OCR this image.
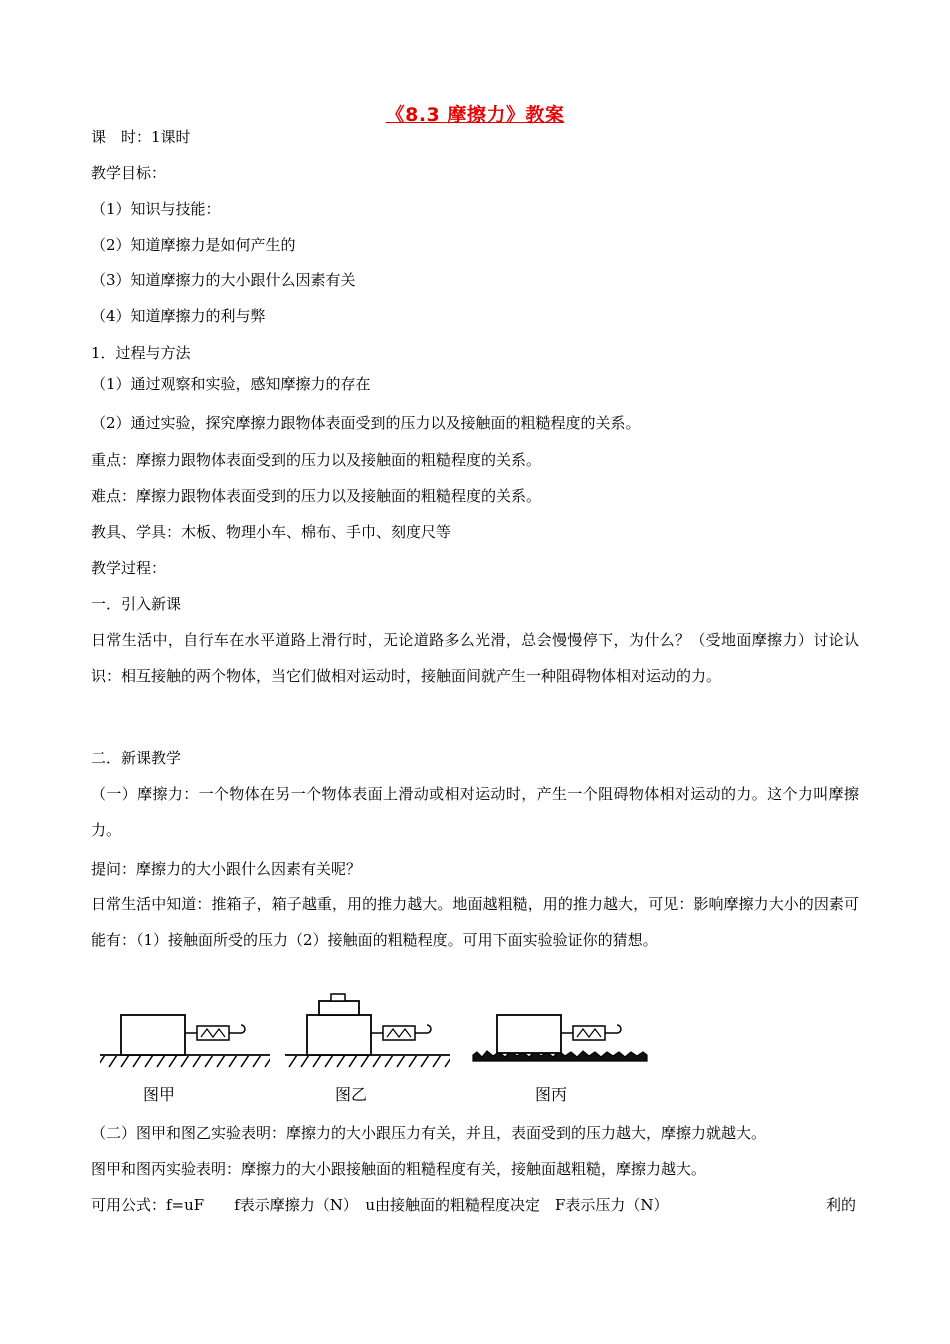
《8.3 摩擦力》教案
课　时：1课时
教学目标：
（1）知识与技能：
（2）知道摩擦力是如何产生的
（3）知道摩擦力的大小跟什么因素有关
（4）知道摩擦力的利与弊
1．过程与方法
（1）通过观察和实验，感知摩擦力的存在
（2）通过实验，探究摩擦力跟物体表面受到的压力以及接触面的粗糙程度的关系。
重点：摩擦力跟物体表面受到的压力以及接触面的粗糙程度的关系。
难点：摩擦力跟物体表面受到的压力以及接触面的粗糙程度的关系。
教具、学具：木板、物理小车、棉布、手巾、刻度尺等
教学过程：
一．引入新课
日常生活中，自行车在水平道路上滑行时，无论道路多么光滑，总会慢慢停下，为什么？（受地面摩擦力）讨论认识：相互接触的两个物体，当它们做相对运动时，接触面间就产生一种阻碍物体相对运动的力。
二．新课教学
（一）摩擦力：一个物体在另一个物体表面上滑动或相对运动时，产生一个阻碍物体相对运动的力。这个力叫摩擦力。
提问：摩擦力的大小跟什么因素有关呢？
日常生活中知道：推箱子，箱子越重，用的推力越大。地面越粗糙，用的推力越大，可见：影响摩擦力大小的因素可能有：（1）接触面所受的压力（2）接触面的粗糙程度。可用下面实验验证你的猜想。
图甲	图乙	图丙
（二）图甲和图乙实验表明：摩擦力的大小跟压力有关，并且，表面受到的压力越大，摩擦力就越大。
图甲和图丙实验表明：摩擦力的大小跟接触面的粗糙程度有关，接触面越粗糙，摩擦力越大。
可用公式：f=uF　　f表示摩擦力（N）　u由接触面的粗糙程度决定　F表示压力（N）	利的
